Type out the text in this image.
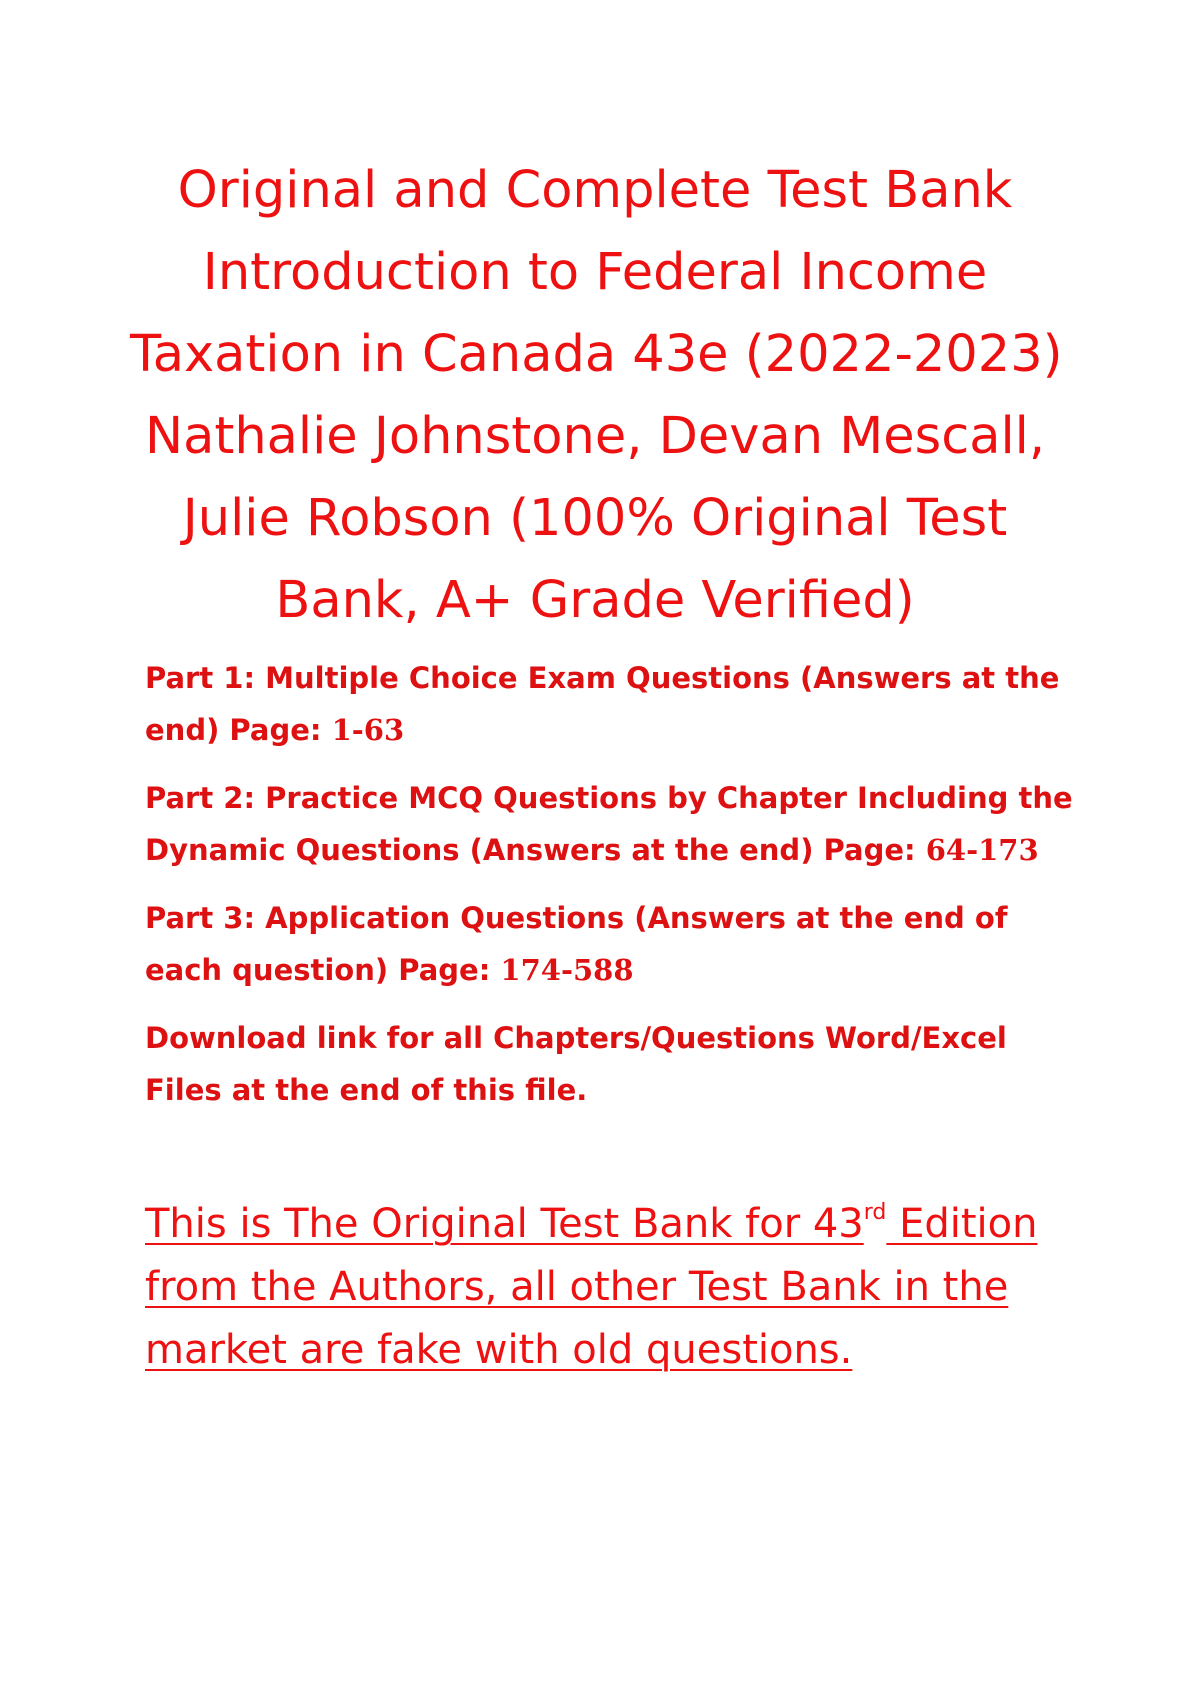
Original and Complete Test Bank
Introduction to Federal Income
Taxation in Canada 43e (2022-2023)
Nathalie Johnstone, Devan Mescall,
Julie Robson (100% Original Test
Bank, A+ Grade Verified)

Part 1: Multiple Choice Exam Questions (Answers at the end) Page: 1-63

Part 2: Practice MCQ Questions by Chapter Including the Dynamic Questions (Answers at the end) Page: 64-173

Part 3: Application Questions (Answers at the end of each question) Page: 174-588

Download link for all Chapters/Questions Word/Excel Files at the end of this file.

This is The Original Test Bank for 43rd Edition
from the Authors, all other Test Bank in the
market are fake with old questions.
